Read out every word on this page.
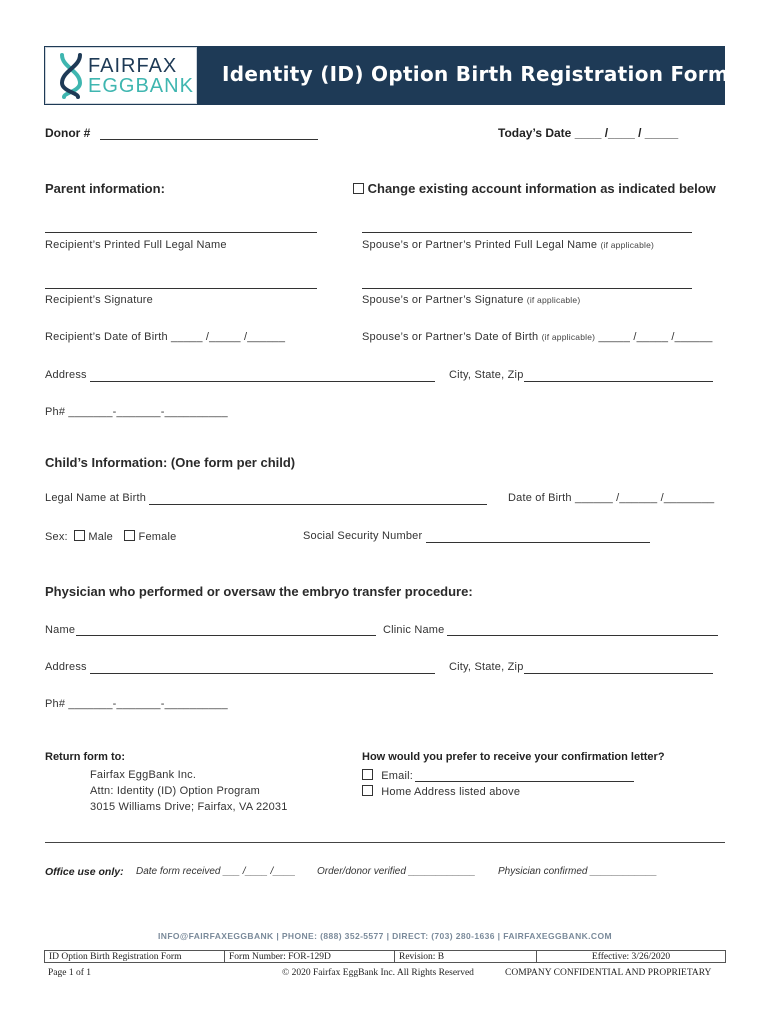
FAIRFAX
EGGBANK Identity (ID) Option Birth Registration Form
Donor #	Today’s Date ____ /____ / _____
Parent information:	Change existing account information as indicated below
Recipient’s Printed Full Legal Name	Spouse’s or Partner’s Printed Full Legal Name (if applicable)
Recipient’s Signature	Spouse’s or Partner’s Signature (if applicable)
Recipient’s Date of Birth _____ /_____ /______	Spouse’s or Partner’s Date of Birth (if applicable) _____ /_____ /______
Address	City, State, Zip
Ph# _______-_______-__________
Child’s Information: (One form per child)
Legal Name at Birth	Date of Birth ______ /______ /________
Sex: Male Female	Social Security Number
Physician who performed or oversaw the embryo transfer procedure:
Name	Clinic Name
Address	City, State, Zip
Ph# _______-_______-__________
Return form to:
Fairfax EggBank Inc.
Attn: Identity (ID) Option Program
3015 Williams Drive; Fairfax, VA 22031
How would you prefer to receive your confirmation letter?
Email:
Home Address listed above
Office use only: Date form received ___ /____ /____ Order/donor verified ____________ Physician confirmed ____________
INFO@FAIRFAXEGGBANK | PHONE: (888) 352-5577 | DIRECT: (703) 280-1636 | FAIRFAXEGGBANK.COM
ID Option Birth Registration Form	Form Number: FOR-129D	Revision: B	Effective: 3/26/2020
Page 1 of 1	© 2020 Fairfax EggBank Inc. All Rights Reserved	COMPANY CONFIDENTIAL AND PROPRIETARY
